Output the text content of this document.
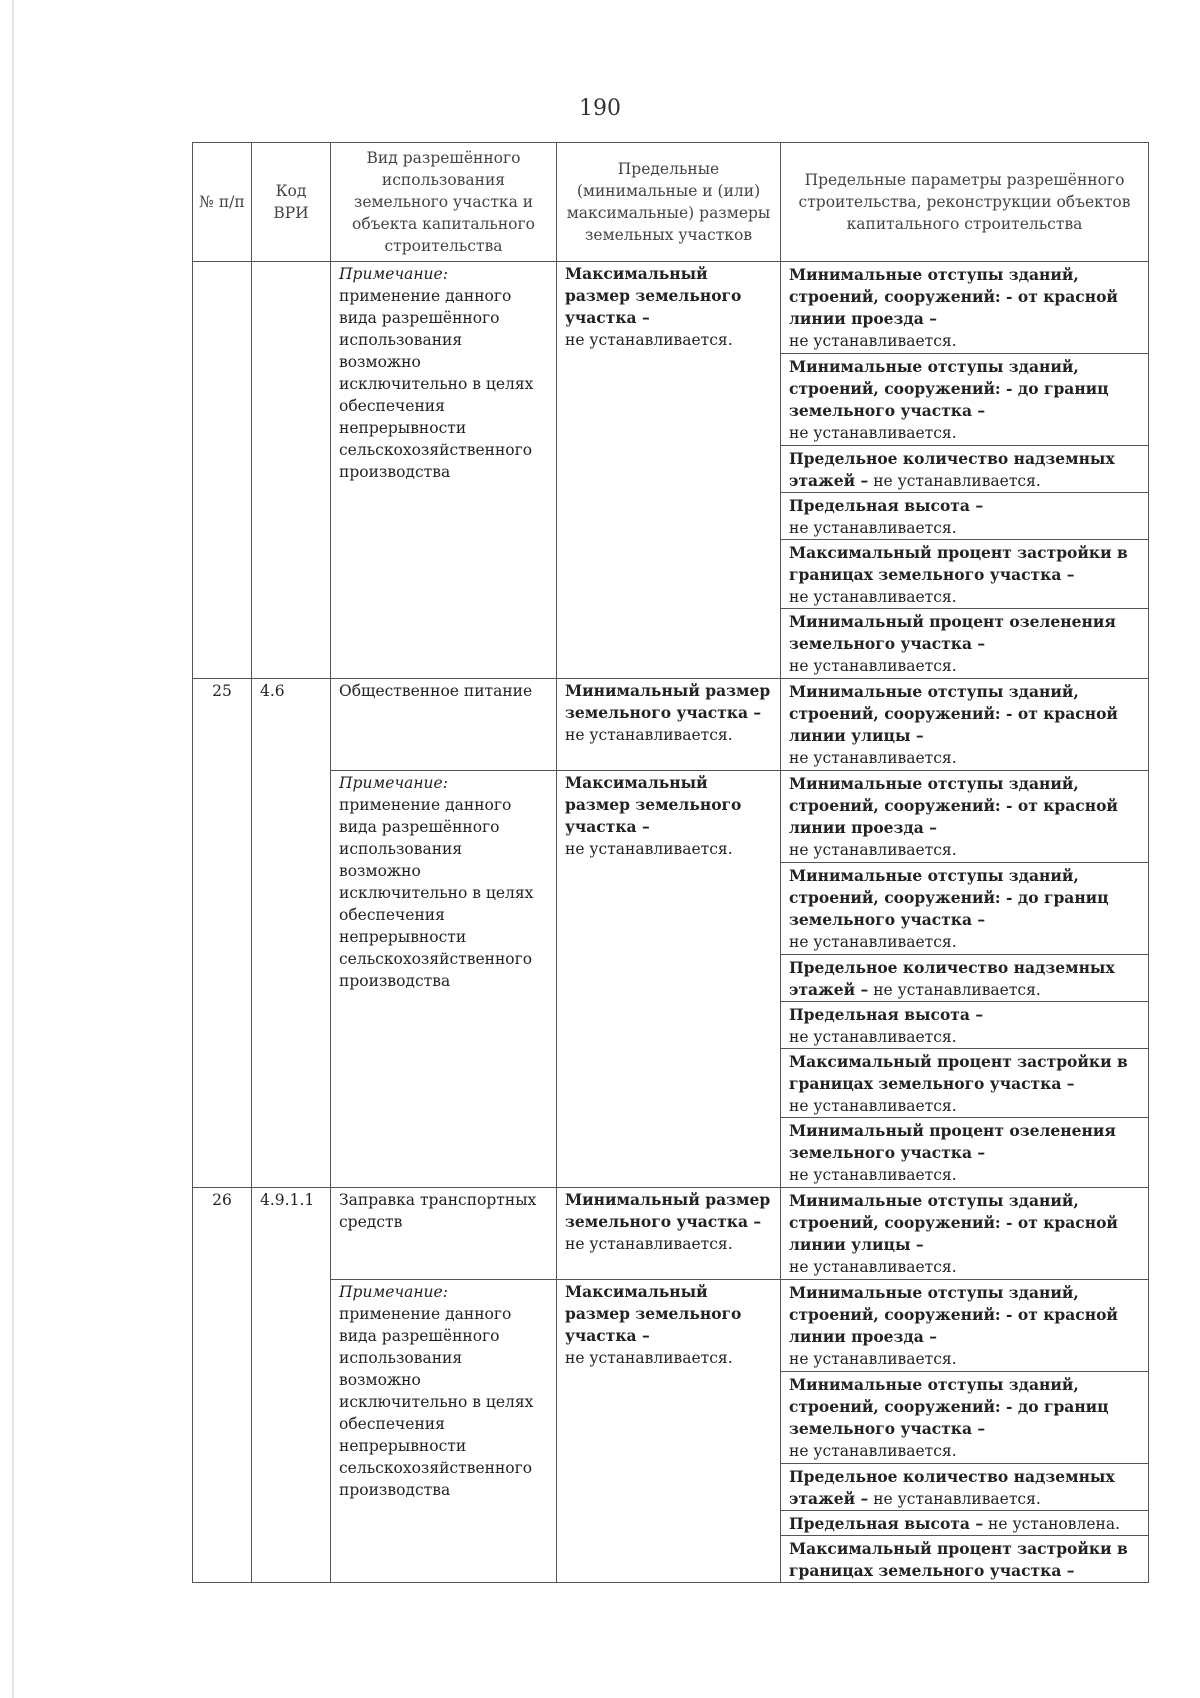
190
№ п/п	Код ВРИ	Вид разрешённого использования земельного участка и объекта капитального строительства	Предельные (минимальные и (или) максимальные) размеры земельных участков	Предельные параметры разрешённого строительства, реконструкции объектов капитального строительства

		Примечание:
применение данного вида разрешённого использования возможно исключительно в целях обеспечения непрерывности сельскохозяйственного производства	Максимальный размер земельного участка –
не устанавливается.	Минимальные отступы зданий, строений, сооружений: - от красной линии проезда –
не устанавливается.
				Минимальные отступы зданий, строений, сооружений: - до границ земельного участка –
не устанавливается.
				Предельное количество надземных этажей – не устанавливается.
				Предельная высота –
не устанавливается.
				Максимальный процент застройки в границах земельного участка –
не устанавливается.
				Минимальный процент озеленения земельного участка –
не устанавливается.
25	4.6	Общественное питание	Минимальный размер земельного участка –
не устанавливается.	Минимальные отступы зданий, строений, сооружений: - от красной линии улицы –
не устанавливается.

		Примечание:
применение данного вида разрешённого использования возможно исключительно в целях обеспечения непрерывности сельскохозяйственного производства	Максимальный размер земельного участка –
не устанавливается.	Минимальные отступы зданий, строений, сооружений: - от красной линии проезда –
не устанавливается.
				Минимальные отступы зданий, строений, сооружений: - до границ земельного участка –
не устанавливается.
				Предельное количество надземных этажей – не устанавливается.
				Предельная высота –
не устанавливается.
				Максимальный процент застройки в границах земельного участка –
не устанавливается.
				Минимальный процент озеленения земельного участка –
не устанавливается.
26	4.9.1.1	Заправка транспортных средств	Минимальный размер земельного участка –
не устанавливается.	Минимальные отступы зданий, строений, сооружений: - от красной линии улицы –
не устанавливается.

		Примечание:
применение данного вида разрешённого использования возможно исключительно в целях обеспечения непрерывности сельскохозяйственного производства	Максимальный размер земельного участка –
не устанавливается.	Минимальные отступы зданий, строений, сооружений: - от красной линии проезда –
не устанавливается.
				Минимальные отступы зданий, строений, сооружений: - до границ земельного участка –
не устанавливается.
				Предельное количество надземных этажей – не устанавливается.
				Предельная высота – не установлена.
				Максимальный процент застройки в границах земельного участка –
